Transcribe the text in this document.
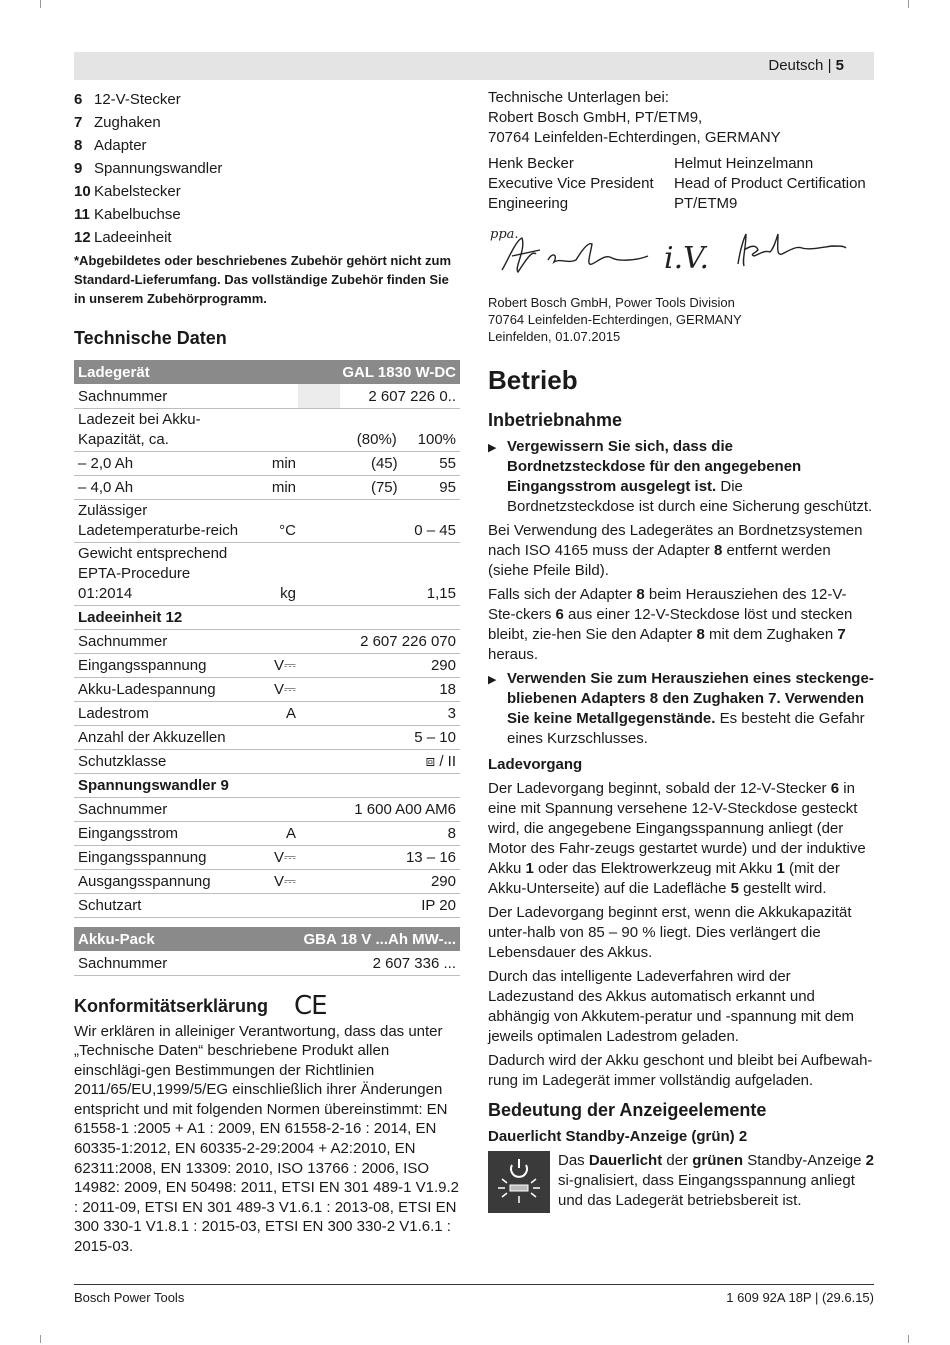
Deutsch | 5
6 12-V-Stecker
7 Zughaken
8 Adapter
9 Spannungswandler
10 Kabelstecker
11 Kabelbuchse
12 Ladeeinheit

*Abgebildetes oder beschriebenes Zubehör gehört nicht zum Standard-Lieferumfang. Das vollständige Zubehör finden Sie in unserem Zubehörprogramm.

Technische Daten
Ladegerät		GAL 1830 W-DC	
Sachnummer			2 607 226 0..
Ladezeit bei Akku-Kapazität, ca.		(80%)     100%	
– 2,0 Ah	min	(45)          55	
– 4,0 Ah	min	(75)          95	
Zulässiger Ladetemperaturbe-reich	°C	0 – 45	
Gewicht entsprechend EPTA-Procedure 01:2014	kg	1,15	
Ladeeinheit 12			
Sachnummer		2 607 226 070	
Eingangsspannung	V⎓	290	
Akku-Ladespannung	V⎓	18	
Ladestrom	A	3	
Anzahl der Akkuzellen		5 – 10	
Schutzklasse		⧈ / II	
Spannungswandler 9			
Sachnummer		1 600 A00 AM6	
Eingangsstrom	A	8	
Eingangsspannung	V⎓	13 – 16	
Ausgangsspannung	V⎓	290	
Schutzart		IP 20	

Akku-Pack		GBA 18 V ...Ah MW-...	
Sachnummer		2 607 336 ...	
Konformitätserklärung CE

Wir erklären in alleiniger Verantwortung, dass das unter „Technische Daten“ beschriebene Produkt allen einschlägi-gen Bestimmungen der Richtlinien 2011/65/EU,1999/5/EG einschließlich ihrer Änderungen entspricht und mit folgenden Normen übereinstimmt: EN 61558-1 :2005 + A1 : 2009, EN 61558-2-16 : 2014, EN 60335-1:2012, EN 60335-2-29:2004 + A2:2010, EN 62311:2008, EN 13309: 2010, ISO 13766 : 2006, ISO 14982: 2009, EN 50498: 2011, ETSI EN 301 489-1 V1.9.2 : 2011-09, ETSI EN 301 489-3 V1.6.1 : 2013-08, ETSI EN 300 330-1 V1.8.1 : 2015-03, ETSI EN 300 330-2 V1.6.1 : 2015-03.

Technische Unterlagen bei:

Robert Bosch GmbH, PT/ETM9,

70764 Leinfelden-Echterdingen, GERMANY

Henk Becker

Executive Vice President

Engineering

Helmut Heinzelmann

Head of Product Certification

PT/ETM9

ppa.
i.V.

Robert Bosch GmbH, Power Tools Division

70764 Leinfelden-Echterdingen, GERMANY

Leinfelden, 01.07.2015

Betrieb
Inbetriebnahme
▶ Vergewissern Sie sich, dass die Bordnetzsteckdose für den angegebenen Eingangsstrom ausgelegt ist. Die Bordnetzsteckdose ist durch eine Sicherung geschützt.

Bei Verwendung des Ladegerätes an Bordnetzsystemen nach ISO 4165 muss der Adapter 8 entfernt werden (siehe Pfeile Bild).

Falls sich der Adapter 8 beim Herausziehen des 12-V-Ste-ckers 6 aus einer 12-V-Steckdose löst und stecken bleibt, zie-hen Sie den Adapter 8 mit dem Zughaken 7 heraus.

▶ Verwenden Sie zum Herausziehen eines steckenge-bliebenen Adapters 8 den Zughaken 7. Verwenden Sie keine Metallgegenstände. Es besteht die Gefahr eines Kurzschlusses.
Ladevorgang

Der Ladevorgang beginnt, sobald der 12-V-Stecker 6 in eine mit Spannung versehene 12-V-Steckdose gesteckt wird, die angegebene Eingangsspannung anliegt (der Motor des Fahr-zeugs gestartet wurde) und der induktive Akku 1 oder das Elektrowerkzeug mit Akku 1 (mit der Akku-Unterseite) auf die Ladefläche 5 gestellt wird.

Der Ladevorgang beginnt erst, wenn die Akkukapazität unter-halb von 85 – 90 % liegt. Dies verlängert die Lebensdauer des Akkus.

Durch das intelligente Ladeverfahren wird der Ladezustand des Akkus automatisch erkannt und abhängig von Akkutem-peratur und -spannung mit dem jeweils optimalen Ladestrom geladen.

Dadurch wird der Akku geschont und bleibt bei Aufbewah-rung im Ladegerät immer vollständig aufgeladen.

Bedeutung der Anzeigeelemente
Dauerlicht Standby-Anzeige (grün) 2

Das Dauerlicht der grünen Standby-Anzeige 2 si-gnalisiert, dass Eingangsspannung anliegt und das Ladegerät betriebsbereit ist.

Bosch Power Tools	1 609 92A 18P | (29.6.15)
